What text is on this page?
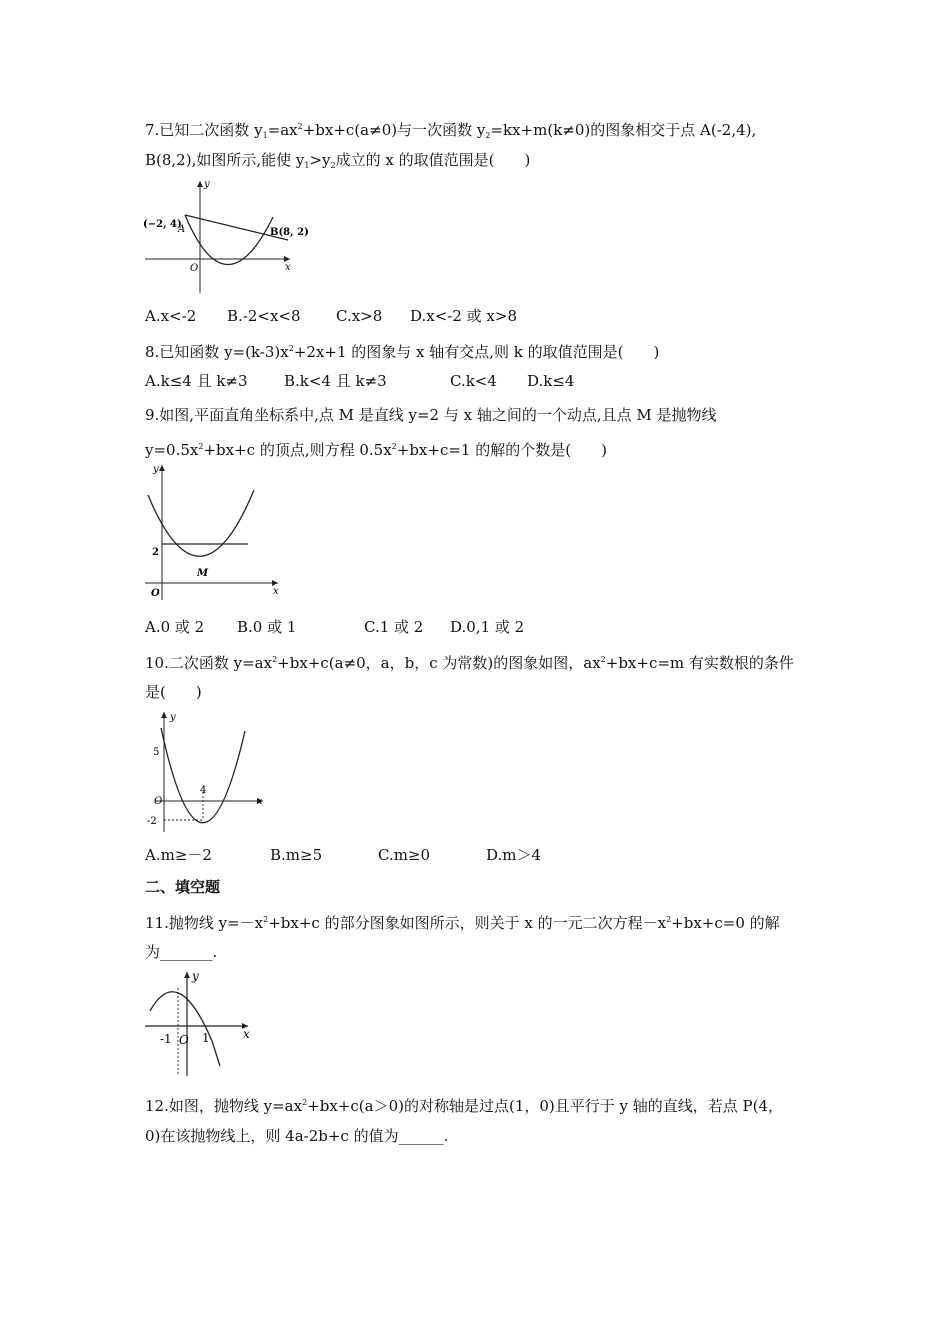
7.已知二次函数 $y_1=ax^2+bx+c(a\ne 0)$与一次函数 $y_2=kx+m(k\ne 0)$的图象相交于点 A(-2,4),
B(8,2),如图所示,能使 $y_1>y_2$成立的 x 的取值范围是(　　)
y
x
O
(−2, 4)
A	B(8, 2)
A.x<-2 B.-2<x<8 C.x>8 D.x<-2 或 x>8
8.已知函数 $y=(k-3)x^2+2x+1$ 的图象与 x 轴有交点,则 k 的取值范围是(　　)
A.k≤4 且 k≠3 B.k<4 且 k≠3	C.k<4 D.k≤4
9.如图,平面直角坐标系中,点 M 是直线 y=2 与 x 轴之间的一个动点,且点 M 是抛物线
$y=0.5x^2+bx+c$ 的顶点,则方程 $0.5x^2+bx+c=1$ 的解的个数是(　　)
y
x
O
2
M
A.0 或 2 B.0 或 1	C.1 或 2 D.0,1 或 2
10.二次函数 $y=ax^2+bx+c(a\ne 0$，a，b，c 为常数)的图象如图，$ax^2+bx+c=m$ 有实数根的条件
是(　　)
y
x
O
5
4
-2
A.m≥－2	B.m≥5	C.m≥0	D.m＞4
二、填空题
11.抛物线 $y=-x^2+bx+c$ 的部分图象如图所示，则关于 x 的一元二次方程$-x^2+bx+c=0$ 的解
为_______.
y
x
O
-1	1
12.如图，抛物线 $y=ax^2+bx+c(a>0)$的对称轴是过点(1，0)且平行于 y 轴的直线，若点 P(4，
0)在该抛物线上，则 4a-2b+c 的值为______.
